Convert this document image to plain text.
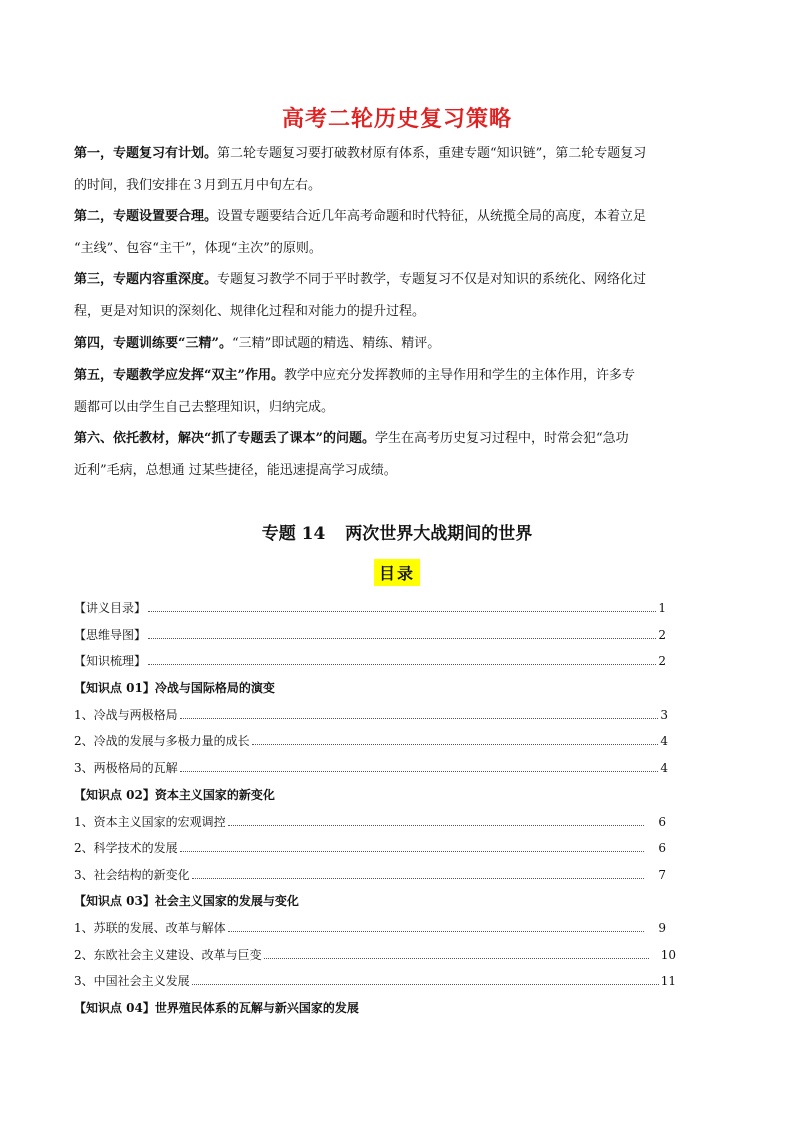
高考二轮历史复习策略
第一，专题复习有计划。第二轮专题复习要打破教材原有体系，重建专题“知识链”，第二轮专题复习
的时间，我们安排在３月到五月中旬左右。
第二，专题设置要合理。设置专题要结合近几年高考命题和时代特征，从统揽全局的高度，本着立足
“主线”、包容“主干”，体现“主次”的原则。
第三，专题内容重深度。专题复习教学不同于平时教学，专题复习不仅是对知识的系统化、网络化过
程，更是对知识的深刻化、规律化过程和对能力的提升过程。
第四，专题训练要“三精”。“三精”即试题的精选、精练、精评。
第五，专题教学应发挥“双主”作用。教学中应充分发挥教师的主导作用和学生的主体作用，许多专
题都可以由学生自己去整理知识，归纳完成。
第六、依托教材，解决“抓了专题丢了课本”的问题。学生在高考历史复习过程中，时常会犯“急功
近利”毛病，总想通 过某些捷径，能迅速提高学习成绩。
专题 14 两次世界大战期间的世界
目录
【讲义目录】	1
【思维导图】	2
【知识梳理】	2
【知识点 01】冷战与国际格局的演变
1、冷战与两极格局	3
2、冷战的发展与多极力量的成长	4
3、两极格局的瓦解	4
【知识点 02】资本主义国家的新变化
1、资本主义国家的宏观调控	6
2、科学技术的发展	6
3、社会结构的新变化	7
【知识点 03】社会主义国家的发展与变化
1、苏联的发展、改革与解体	9
2、东欧社会主义建设、改革与巨变	10
3、中国社会主义发展	11
【知识点 04】世界殖民体系的瓦解与新兴国家的发展
